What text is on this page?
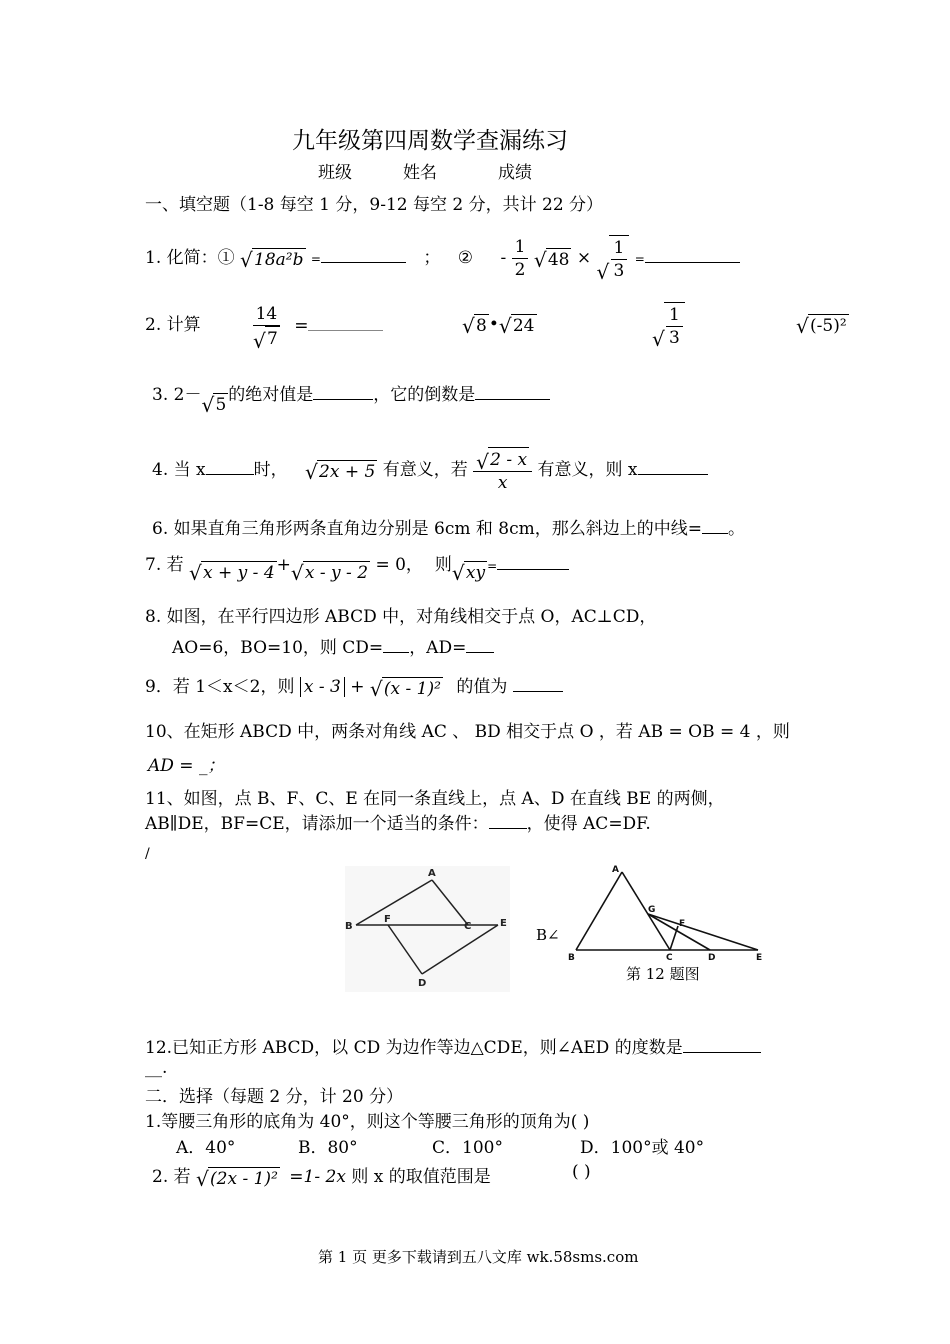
九年级第四周数学查漏练习
班级	姓名	成绩
一、填空题（1-8 每空 1 分，9-12 每空 2 分，共计 22 分）
1. 化简：① √ 18a²b =	； ② - $\frac{1}{2}$
√ 48 ×
√ $\frac{1}{3}$ =
2. 计算	$\frac{14}{√ 7}$ =	√ 8 • √ 24
√ $\frac{1}{3}$	√ (-5)²
3. 2－ √ 5 的绝对值是	，它的倒数是
4. 当 x	时， √ 2x + 5 有意义，若 $\frac{√ 2 - x}{x}$ 有意义，则 x
6. 如果直角三角形两条直角边分别是 6cm 和 8cm，那么斜边上的中线= 。
7. 若 √ x + y - 4 + √ x - y - 2 = 0， 则 √ xy =
8. 如图，在平行四边形 ABCD 中，对角线相交于点 O，AC⊥CD，
AO=6，BO=10，则 CD= ，AD=
9．若 1＜x＜2，则 x - 3 + √ (x - 1)² 的值为
10、在矩形 ABCD 中，两条对角线 AC 、 BD 相交于点 O ，若 AB = OB = 4 ，则
AD = _；
11、如图，点 B、F、C、E 在同一条直线上，点 A、D 在直线 BE 的两侧，
AB∥DE，BF=CE，请添加一个适当的条件： ，使得 AC=DF.
/
A
B
F
C	E
D
B∠
A
G
F
B	C	D	E
第 12 题图
12.已知正方形 ABCD，以 CD 为边作等边△CDE，则∠AED 的度数是
__.
二．选择（每题 2 分，计 20 分）
1.等腰三角形的底角为 40°，则这个等腰三角形的顶角为( )
A．40°	B．80°	C．100°	D．100°或 40°
2. 若 √ (2x - 1)² =1- 2x 则 x 的取值范围是	( )
第 1 页 更多下载请到五八文库 wk.58sms.com
